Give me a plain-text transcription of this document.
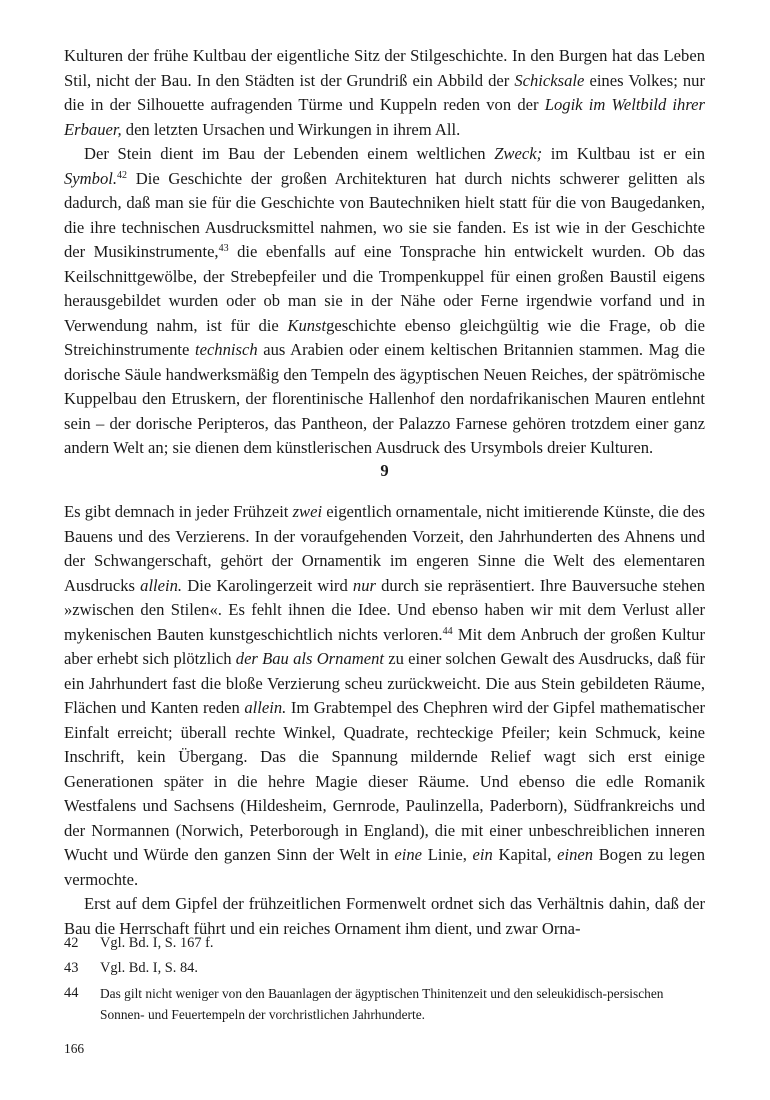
Kulturen der frühe Kultbau der eigentliche Sitz der Stilgeschichte. In den Burgen hat das Leben Stil, nicht der Bau. In den Städten ist der Grundriß ein Abbild der Schicksale eines Volkes; nur die in der Silhouette aufragenden Türme und Kuppeln reden von der Logik im Weltbild ihrer Erbauer, den letzten Ursachen und Wirkungen in ihrem All.

Der Stein dient im Bau der Lebenden einem weltlichen Zweck; im Kultbau ist er ein Symbol.$^{42}$ Die Geschichte der großen Architekturen hat durch nichts schwerer gelitten als dadurch, daß man sie für die Geschichte von Bautechniken hielt statt für die von Baugedanken, die ihre technischen Ausdrucksmittel nahmen, wo sie sie fanden. Es ist wie in der Geschichte der Musikinstrumente,$^{43}$ die ebenfalls auf eine Tonsprache hin entwickelt wurden. Ob das Keilschnittgewölbe, der Strebepfeiler und die Trompenkuppel für einen großen Baustil eigens herausgebildet wurden oder ob man sie in der Nähe oder Ferne irgendwie vorfand und in Verwendung nahm, ist für die Kunstgeschichte ebenso gleichgültig wie die Frage, ob die Streichinstrumente technisch aus Arabien oder einem keltischen Britannien stammen. Mag die dorische Säule handwerksmäßig den Tempeln des ägyptischen Neuen Reiches, der spätrömische Kuppelbau den Etruskern, der florentinische Hallenhof den nordafrikanischen Mauren entlehnt sein – der dorische Peripteros, das Pantheon, der Palazzo Farnese gehören trotzdem einer ganz andern Welt an; sie dienen dem künstlerischen Ausdruck des Ursymbols dreier Kulturen.

9

Es gibt demnach in jeder Frühzeit zwei eigentlich ornamentale, nicht imitierende Künste, die des Bauens und des Verzierens. In der voraufgehenden Vorzeit, den Jahrhunderten des Ahnens und der Schwangerschaft, gehört der Ornamentik im engeren Sinne die Welt des elementaren Ausdrucks allein. Die Karolingerzeit wird nur durch sie repräsentiert. Ihre Bauversuche stehen »zwischen den Stilen«. Es fehlt ihnen die Idee. Und ebenso haben wir mit dem Verlust aller mykenischen Bauten kunstgeschichtlich nichts verloren.$^{44}$ Mit dem Anbruch der großen Kultur aber erhebt sich plötzlich der Bau als Ornament zu einer solchen Gewalt des Ausdrucks, daß für ein Jahrhundert fast die bloße Verzierung scheu zurückweicht. Die aus Stein gebildeten Räume, Flächen und Kanten reden allein. Im Grabtempel des Chephren wird der Gipfel mathematischer Einfalt erreicht; überall rechte Winkel, Quadrate, rechteckige Pfeiler; kein Schmuck, keine Inschrift, kein Übergang. Das die Spannung mildernde Relief wagt sich erst einige Generationen später in die hehre Magie dieser Räume. Und ebenso die edle Romanik Westfalens und Sachsens (Hildesheim, Gernrode, Paulinzella, Paderborn), Südfrankreichs und der Normannen (Norwich, Peterborough in England), die mit einer unbeschreiblichen inneren Wucht und Würde den ganzen Sinn der Welt in eine Linie, ein Kapital, einen Bogen zu legen vermochte.

Erst auf dem Gipfel der frühzeitlichen Formenwelt ordnet sich das Verhältnis dahin, daß der Bau die Herrschaft führt und ein reiches Ornament ihm dient, und zwar Orna-

42	Vgl. Bd. I, S. 167 f.
43	Vgl. Bd. I, S. 84.
44	Das gilt nicht weniger von den Bauanlagen der ägyptischen Thinitenzeit und den seleukidisch-persischen Sonnen- und Feuertempeln der vorchristlichen Jahrhunderte.
166
